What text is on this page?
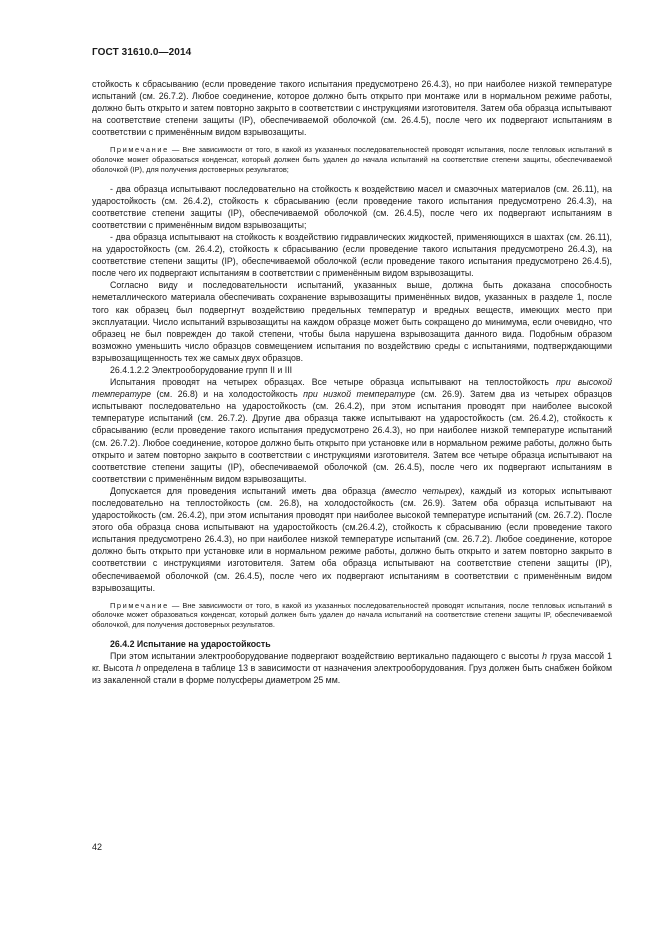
ГОСТ 31610.0—2014

стойкость к сбрасыванию (если проведение такого испытания предусмотрено 26.4.3), но при наиболее низкой температуре испытаний (см. 26.7.2). Любое соединение, которое должно быть открыто при монтаже или в нормальном режиме работы, должно быть открыто и затем повторно закрыто в соответствии с инструкциями изготовителя. Затем оба образца испытывают на соответствие степени защиты (IP), обеспечиваемой оболочкой (см. 26.4.5), после чего их подвергают испытаниям в соответствии с применённым видом взрывозащиты.

Примечание — Вне зависимости от того, в какой из указанных последовательностей проводят испытания, после тепловых испытаний в оболочке может образоваться конденсат, который должен быть удален до начала испытаний на соответствие степени защиты, обеспечиваемой оболочкой (IP), для получения достоверных результатов;

- два образца испытывают последовательно на стойкость к воздействию масел и смазочных материалов (см. 26.11), на ударостойкость (см. 26.4.2), стойкость к сбрасыванию (если проведение такого испытания предусмотрено 26.4.3), на соответствие степени защиты (IP), обеспечиваемой оболочкой (см. 26.4.5), после чего их подвергают испытаниям в соответствии с применённым видом взрывозащиты;

- два образца испытывают на стойкость к воздействию гидравлических жидкостей, применяющихся в шахтах (см. 26.11), на ударостойкость (см. 26.4.2), стойкость к сбрасыванию (если проведение такого испытания предусмотрено 26.4.3), на соответствие степени защиты (IP), обеспечиваемой оболочкой (если проведение такого испытания предусмотрено 26.4.5), после чего их подвергают испытаниям в соответствии с применённым видом взрывозащиты.

Согласно виду и последовательности испытаний, указанных выше, должна быть доказана способность неметаллического материала обеспечивать сохранение взрывозащиты применённых видов, указанных в разделе 1, после того как образец был подвергнут воздействию предельных температур и вредных веществ, имеющих место при эксплуатации. Число испытаний взрывозащиты на каждом образце может быть сокращено до минимума, если очевидно, что образец не был поврежден до такой степени, чтобы была нарушена взрывозащита данного вида. Подобным образом возможно уменьшить число образцов совмещением испытания по воздействию среды с испытаниями, подтверждающими взрывозащищенность тех же самых двух образцов.

26.4.1.2.2 Электрооборудование групп II и III

Испытания проводят на четырех образцах. Все четыре образца испытывают на теплостойкость при высокой температуре (см. 26.8) и на холодостойкость при низкой температуре (см. 26.9). Затем два из четырех образцов испытывают последовательно на ударостойкость (см. 26.4.2), при этом испытания проводят при наиболее высокой температуре испытаний (см. 26.7.2). Другие два образца также испытывают на ударостойкость (см. 26.4.2), стойкость к сбрасыванию (если проведение такого испытания предусмотрено 26.4.3), но при наиболее низкой температуре испытаний (см. 26.7.2). Любое соединение, которое должно быть открыто при установке или в нормальном режиме работы, должно быть открыто и затем повторно закрыто в соответствии с инструкциями изготовителя. Затем все четыре образца испытывают на соответствие степени защиты (IP), обеспечиваемой оболочкой (см. 26.4.5), после чего их подвергают испытаниям в соответствии с применённым видом взрывозащиты.

Допускается для проведения испытаний иметь два образца (вместо четырех), каждый из которых испытывают последовательно на теплостойкость (см. 26.8), на холодостойкость (см. 26.9). Затем оба образца испытывают на ударостойкость (см. 26.4.2), при этом испытания проводят при наиболее высокой температуре испытаний (см. 26.7.2). После этого оба образца снова испытывают на ударостойкость (см.26.4.2), стойкость к сбрасыванию (если проведение такого испытания предусмотрено 26.4.3), но при наиболее низкой температуре испытаний (см. 26.7.2). Любое соединение, которое должно быть открыто при установке или в нормальном режиме работы, должно быть открыто и затем повторно закрыто в соответствии с инструкциями изготовителя. Затем оба образца испытывают на соответствие степени защиты (IP), обеспечиваемой оболочкой (см. 26.4.5), после чего их подвергают испытаниям в соответствии с применённым видом взрывозащиты.

Примечание — Вне зависимости от того, в какой из указанных последовательностей проводят испытания, после тепловых испытаний в оболочке может образоваться конденсат, который должен быть удален до начала испытаний на соответствие степени защиты IP, обеспечиваемой оболочкой, для получения достоверных результатов.

26.4.2 Испытание на ударостойкость

При этом испытании электрооборудование подвергают воздействию вертикально падающего с высоты h груза массой 1 кг. Высота h определена в таблице 13 в зависимости от назначения электрооборудования. Груз должен быть снабжен бойком из закаленной стали в форме полусферы диаметром 25 мм.

42
